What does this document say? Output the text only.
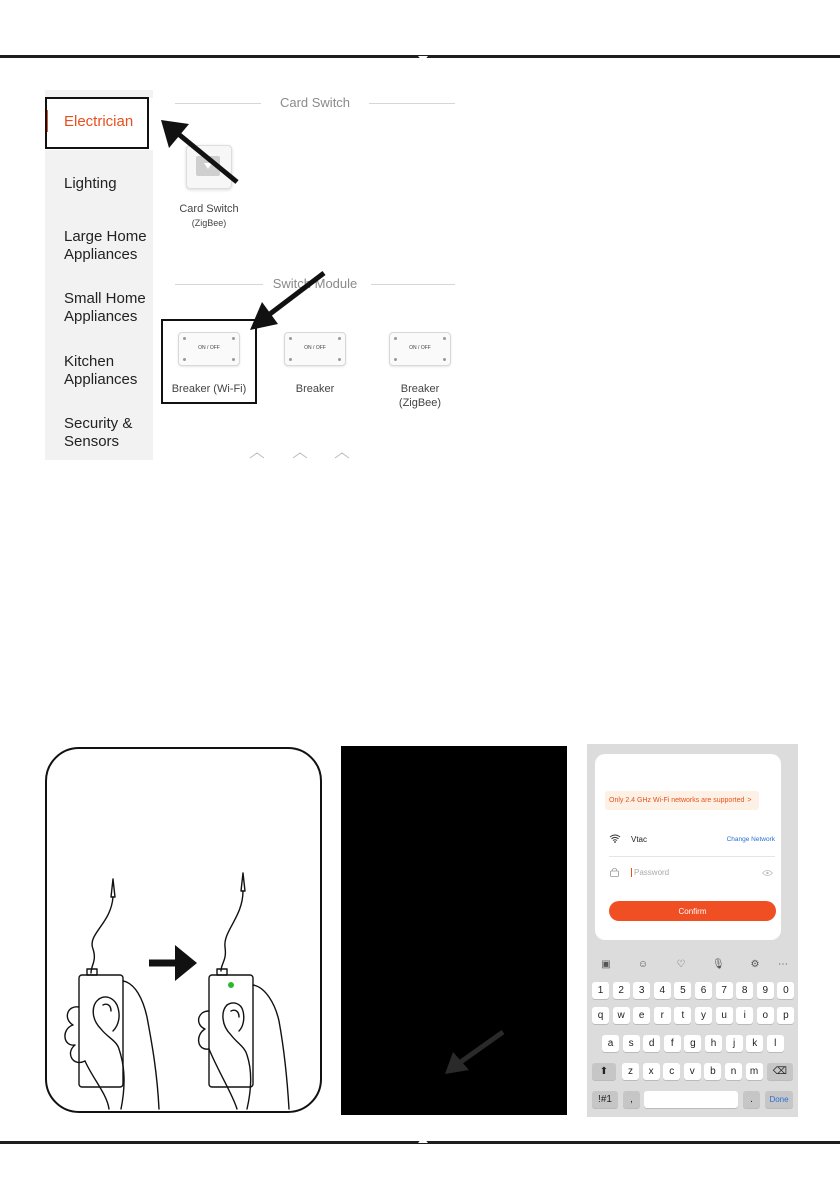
Electrician
Lighting
Large Home Appliances
Small Home Appliances
Kitchen Appliances
Security & Sensors
Card Switch
Card Switch
(ZigBee)
Switch Module
ON / OFF
Breaker (Wi-Fi)
ON / OFF
Breaker
ON / OFF
Breaker
(ZigBee)
Only 2.4 GHz Wi-Fi networks are supported >
Vtac	Change Network
Confirm
▣	☺	♡	🎙	⚙ ⋯
1	2	3	4	5	6	7	8	9	0
q	w	e	r	t	y	u	i	o	p
a	s	d	f	g	h	j	k	l
⬆	z	x	c	v	b	n	m	⌫
!#1	,	.	Done
